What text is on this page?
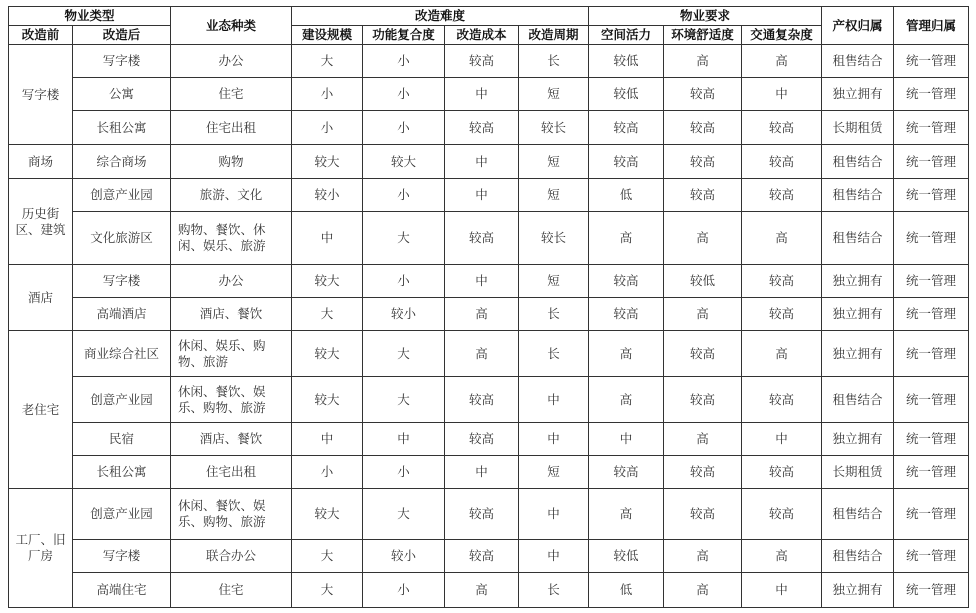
物业类型		业态种类	改造难度				物业要求			产权归属	管理归属
改造前	改造后		建设规模	功能复合度	改造成本	改造周期	空间活力	环境舒适度	交通复杂度		
写字楼	写字楼	办公	大	小	较高	长	较低	高	高	租售结合	统一管理
	公寓	住宅	小	小	中	短	较低	较高	中	独立拥有	统一管理
	长租公寓	住宅出租	小	小	较高	较长	较高	较高	较高	长期租赁	统一管理
商场	综合商场	购物	较大	较大	中	短	较高	较高	较高	租售结合	统一管理
历史街区、建筑	创意产业园	旅游、文化	较小	小	中	短	低	较高	较高	租售结合	统一管理
	文化旅游区	购物、餐饮、休闲、娱乐、旅游	中	大	较高	较长	高	高	高	租售结合	统一管理
酒店	写字楼	办公	较大	小	中	短	较高	较低	较高	独立拥有	统一管理
	高端酒店	酒店、餐饮	大	较小	高	长	较高	高	较高	独立拥有	统一管理
老住宅	商业综合社区	休闲、娱乐、购物、旅游	较大	大	高	长	高	较高	高	独立拥有	统一管理
	创意产业园	休闲、餐饮、娱乐、购物、旅游	较大	大	较高	中	高	较高	较高	租售结合	统一管理
	民宿	酒店、餐饮	中	中	较高	中	中	高	中	独立拥有	统一管理
	长租公寓	住宅出租	小	小	中	短	较高	较高	较高	长期租赁	统一管理
工厂、旧厂房	创意产业园	休闲、餐饮、娱乐、购物、旅游	较大	大	较高	中	高	较高	较高	租售结合	统一管理
	写字楼	联合办公	大	较小	较高	中	较低	高	高	租售结合	统一管理
	高端住宅	住宅	大	小	高	长	低	高	中	独立拥有	统一管理
